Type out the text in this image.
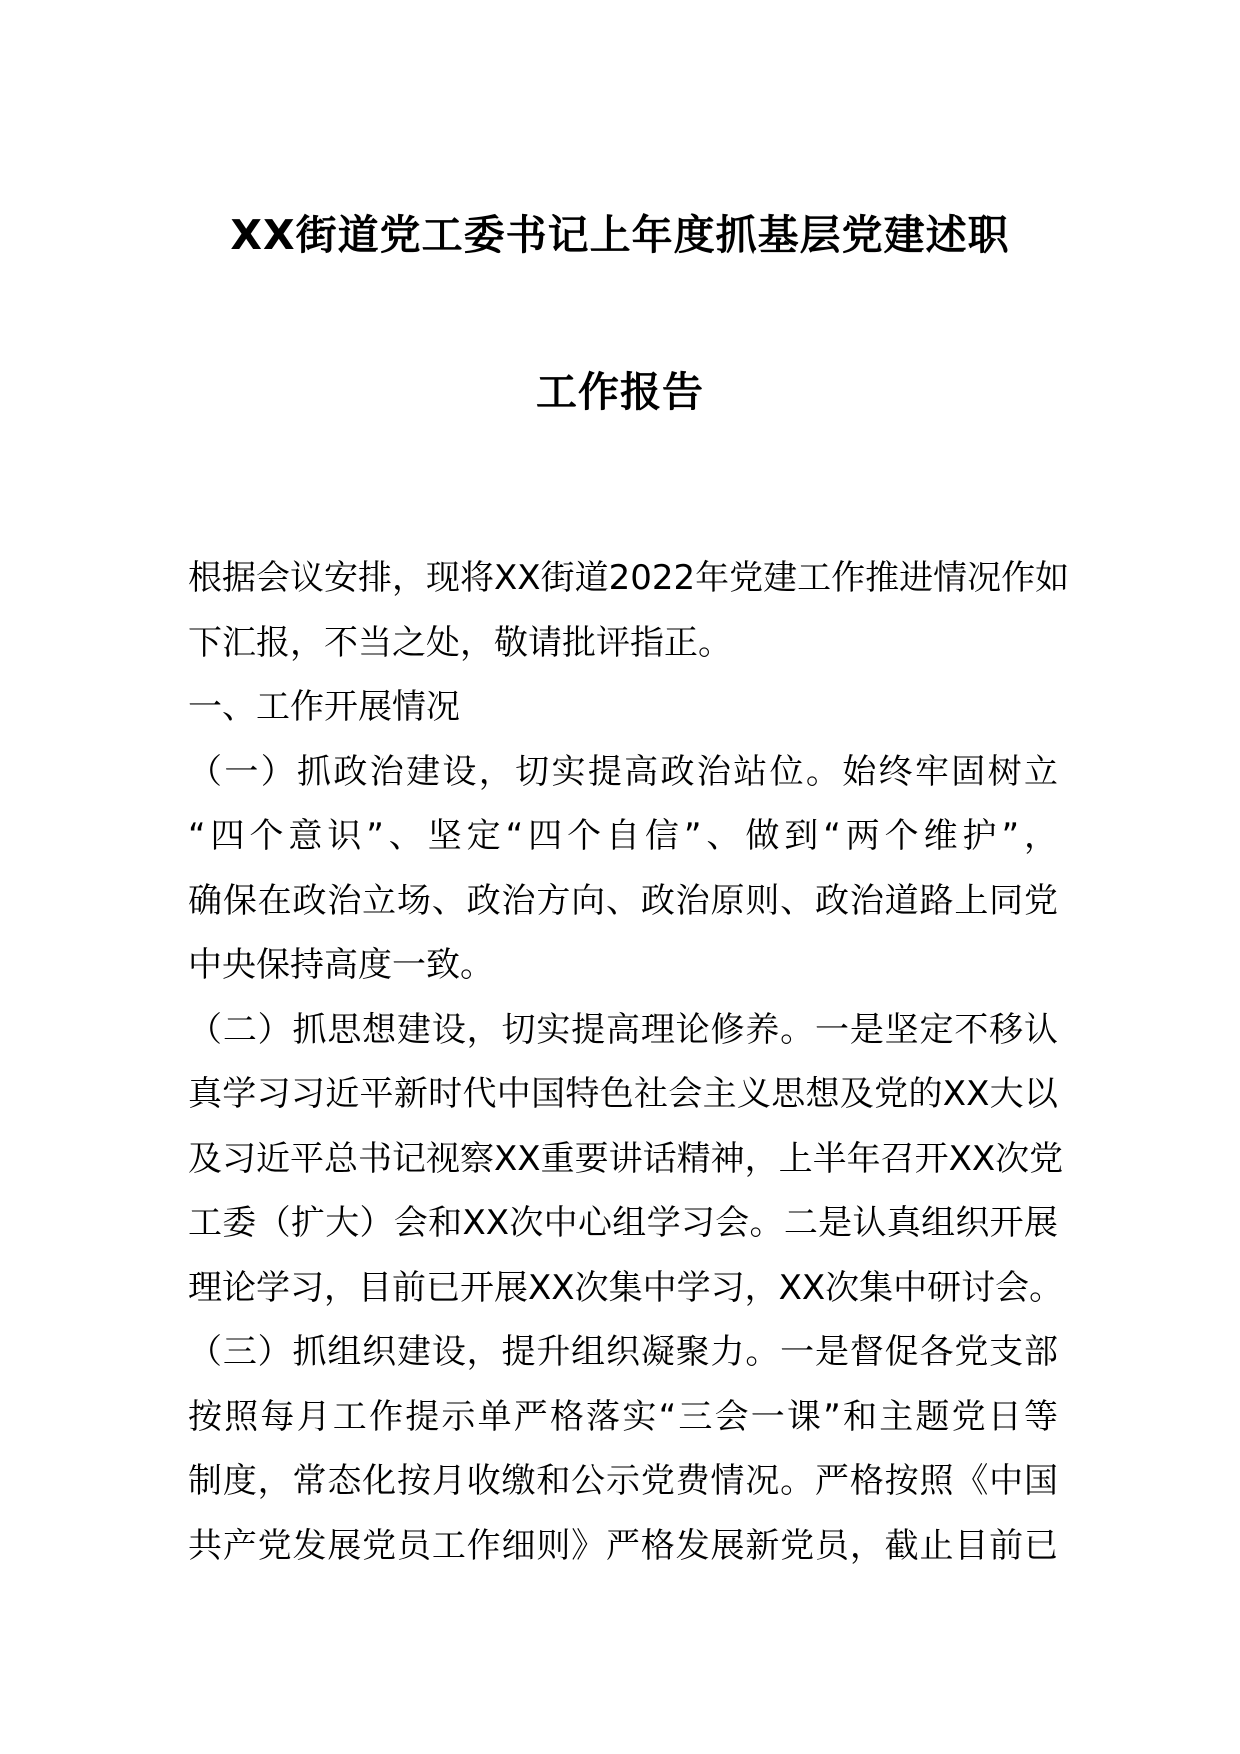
XX街道党工委书记上年度抓基层党建述职
工作报告
根据会议安排，现将XX街道2022年党建工作推进情况作如
下汇报，不当之处，敬请批评指正。
一、工作开展情况
（一）抓政治建设，切实提高政治站位。始终牢固树立
“四个意识”、坚定“四个自信”、做到“两个维护”，
确保在政治立场、政治方向、政治原则、政治道路上同党
中央保持高度一致。
（二）抓思想建设，切实提高理论修养。一是坚定不移认
真学习习近平新时代中国特色社会主义思想及党的XX大以
及习近平总书记视察XX重要讲话精神，上半年召开XX次党
工委（扩大）会和XX次中心组学习会。二是认真组织开展
理论学习，目前已开展XX次集中学习，XX次集中研讨会。
（三）抓组织建设，提升组织凝聚力。一是督促各党支部
按照每月工作提示单严格落实“三会一课”和主题党日等
制度，常态化按月收缴和公示党费情况。严格按照《中国
共产党发展党员工作细则》严格发展新党员，截止目前已
